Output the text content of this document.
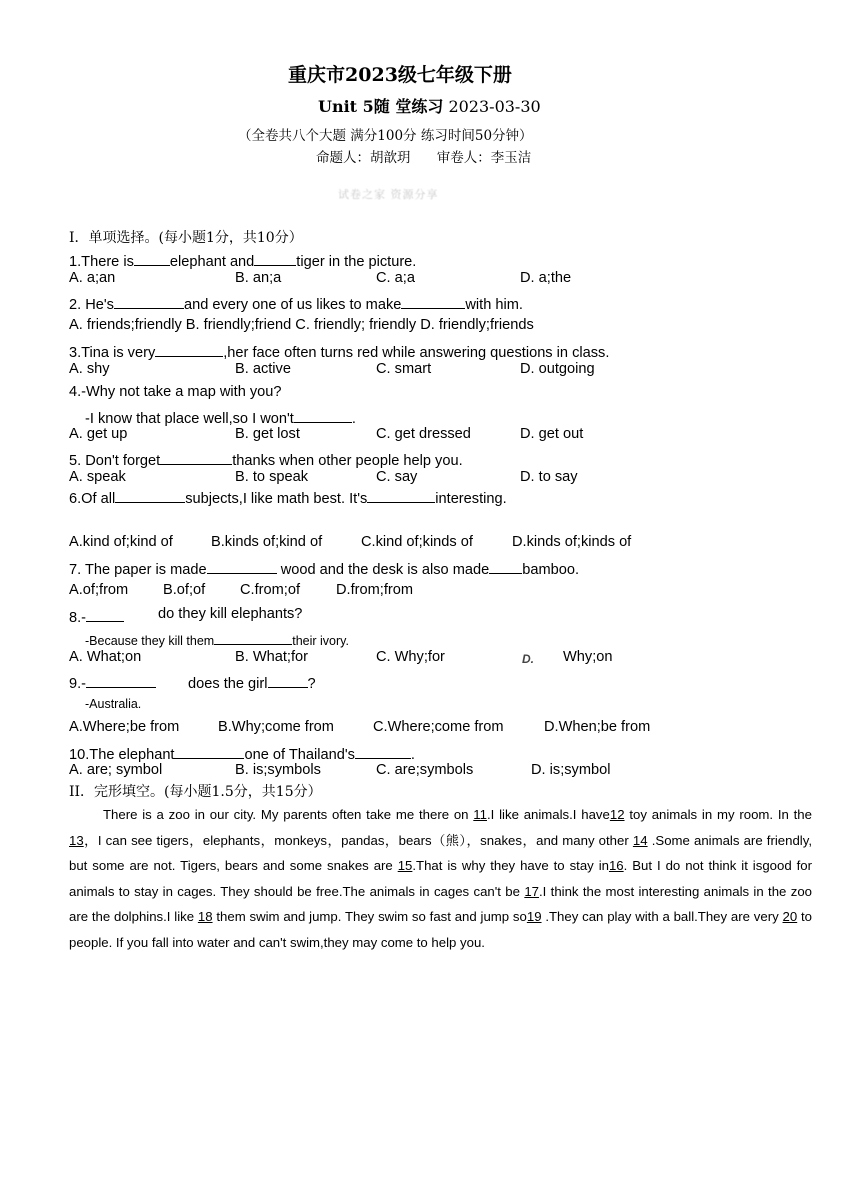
重庆市2023级七年级下册
Unit 5随 堂练习 2023-03-30
（全卷共八个大题 满分100分 练习时间50分钟）
命题人：胡歆玥 审卷人：李玉洁
试卷之家 资源分享
I．单项选择。(每小题1分，共10分）
1.There is elephant and	tiger in the picture.
A. a;an	B. an;a	C. a;a	D. a;the
2. He's	and every one of us likes to make	with him.
A. friends;friendly B. friendly;friend C. friendly; friendly D. friendly;friends
3.Tina is very	,her face often turns red while answering questions in class.
A. shy	B. active	C. smart	D. outgoing
4.-Why not take a map with you?
-I know that place well,so I won't	.
A. get up	B. get lost	C. get dressed	D. get out
5. Don't forget	thanks when other people help you.
A. speak	B. to speak	C. say	D. to say
6.Of all	subjects,I like math best. It's	interesting.
A.kind of;kind of	B.kinds of;kind of	C.kind of;kinds of	D.kinds of;kinds of
7. The paper is made	wood and the desk is also made bamboo.
A.of;from B.of;of C.from;of D.from;from
8.-	do they kill elephants?
-Because they kill them	their ivory.
A. What;on	B. What;for	C. Why;for	D. Why;on
9.-	does the girl	?
-Australia.
A.Where;be from	B.Why;come from	C.Where;come from	D.When;be from
10.The elephant	one of Thailand's	.
A. are; symbol	B. is;symbols	C. are;symbols	D. is;symbol
II．完形填空。(每小题1.5分，共15分）

There is a zoo in our city. My parents often take me there on 11.I like animals.I have12 toy animals in my room. In the 13，I can see tigers，elephants，monkeys，pandas，bears（熊），snakes，and many other 14 .Some animals are friendly, but some are not. Tigers, bears and some snakes are 15.That is why they have to stay in16. But I do not think it isgood for animals to stay in cages. They should be free.The animals in cages can't be 17.I think the most interesting animals in the zoo are the dolphins.I like 18 them swim and jump. They swim so fast and jump so19 .They can play with a ball.They are very 20 to people. If you fall into water and can't swim,they may come to help you.
